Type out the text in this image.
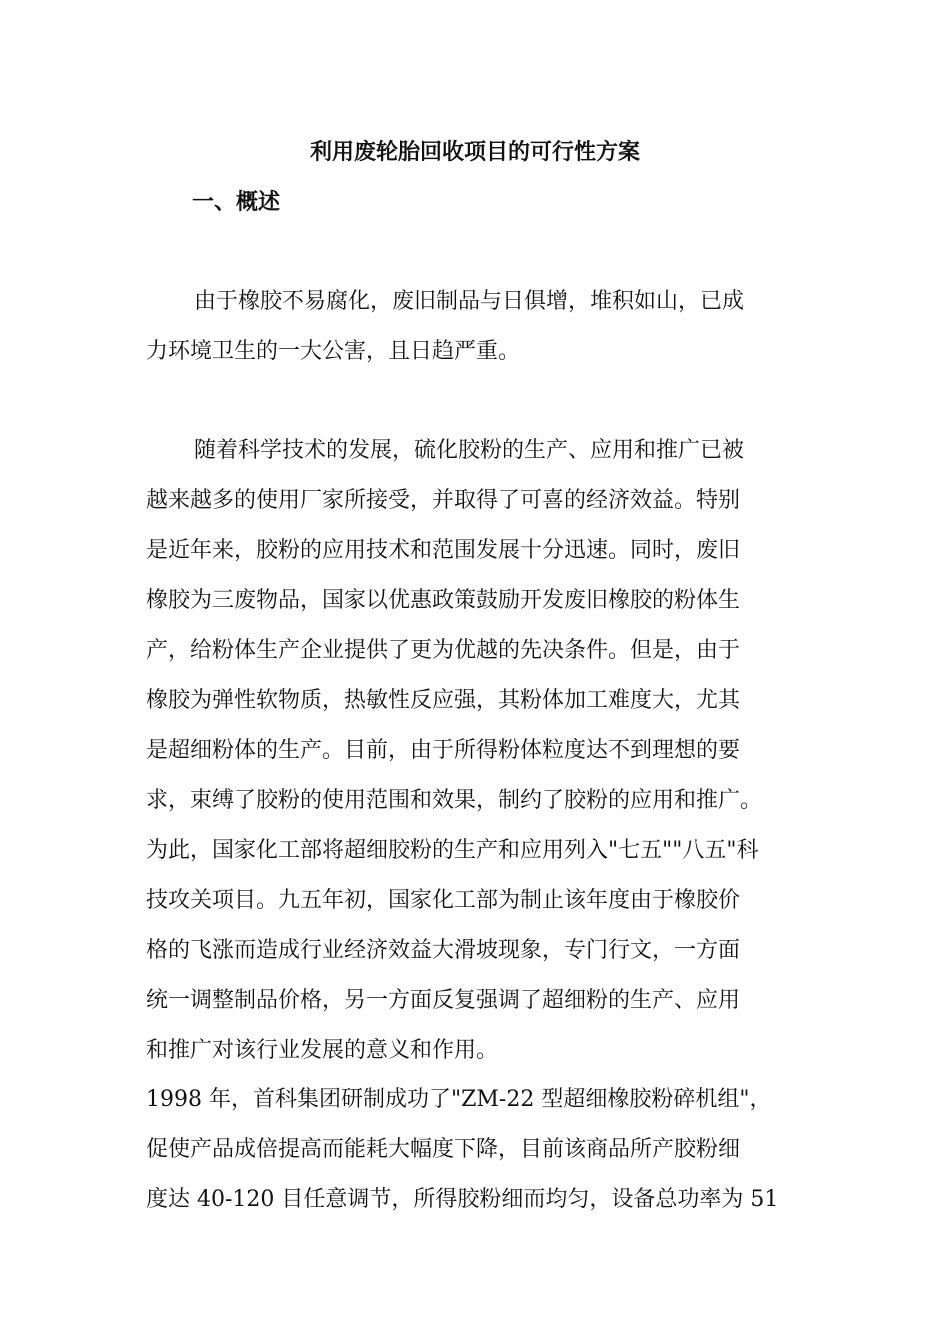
利用废轮胎回收项目的可行性方案
一、概述
由于橡胶不易腐化，废旧制品与日俱增，堆积如山，已成
力环境卫生的一大公害，且日趋严重。
随着科学技术的发展，硫化胶粉的生产、应用和推广已被
越来越多的使用厂家所接受，并取得了可喜的经济效益。特别
是近年来，胶粉的应用技术和范围发展十分迅速。同时，废旧
橡胶为三废物品，国家以优惠政策鼓励开发废旧橡胶的粉体生
产，给粉体生产企业提供了更为优越的先决条件。但是，由于
橡胶为弹性软物质，热敏性反应强，其粉体加工难度大，尤其
是超细粉体的生产。目前，由于所得粉体粒度达不到理想的要
求，束缚了胶粉的使用范围和效果，制约了胶粉的应用和推广。
为此，国家化工部将超细胶粉的生产和应用列入"七五""八五"科
技攻关项目。九五年初，国家化工部为制止该年度由于橡胶价
格的飞涨而造成行业经济效益大滑坡现象，专门行文，一方面
统一调整制品价格，另一方面反复强调了超细粉的生产、应用
和推广对该行业发展的意义和作用。
1998 年，首科集团研制成功了"ZM-22 型超细橡胶粉碎机组"，
促使产品成倍提高而能耗大幅度下降，目前该商品所产胶粉细
度达 40-120 目任意调节，所得胶粉细而均匀，设备总功率为 51
